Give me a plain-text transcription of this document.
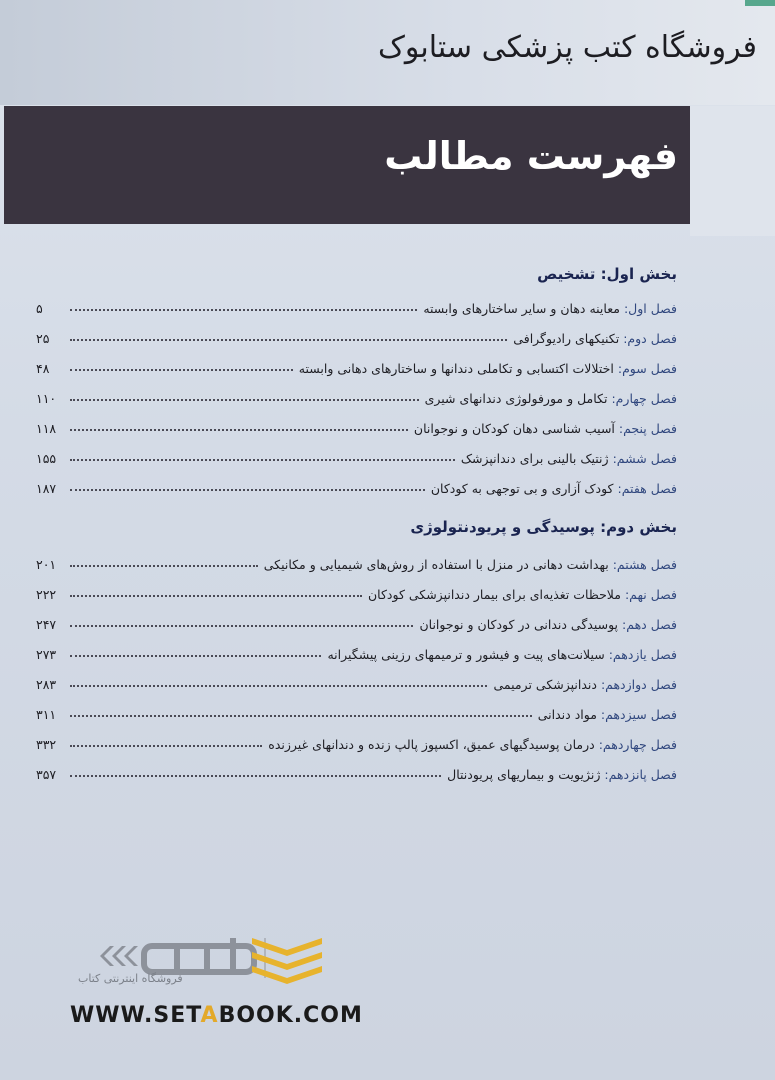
فروشگاه کتب پزشکی ستابوک
فهرست مطالب
بخش اول: تشخیص
فصل اول:
معاینه دهان و سایر ساختارهای وابسته
۵
فصل دوم:
تکنیکهای رادیوگرافی
۲۵
فصل سوم:
اختلالات اکتسابی و تکاملی دندانها و ساختارهای دهانی وابسته
۴۸
فصل چهارم:
تکامل و مورفولوژی دندانهای شیری
۱۱۰
فصل پنجم:
آسیب شناسی دهان کودکان و نوجوانان
۱۱۸
فصل ششم:
ژنتیک بالینی برای دندانپزشک
۱۵۵
فصل هفتم:
کودک آزاری و بی توجهی به کودکان
۱۸۷
بخش دوم: پوسیدگی و پریودنتولوژی
فصل هشتم:
بهداشت دهانی در منزل با استفاده از روش‌های شیمیایی و مکانیکی
۲۰۱
فصل نهم:
ملاحظات تغذیه‌ای برای بیمار دندانپزشکی کودکان
۲۲۲
فصل دهم:
پوسیدگی دندانی در کودکان و نوجوانان
۲۴۷
فصل یازدهم:
سیلانت‌های پیت و فیشور و ترمیمهای رزینی پیشگیرانه
۲۷۳
فصل دوازدهم:
دندانپزشکی ترمیمی
۲۸۳
فصل سیزدهم:
مواد دندانی
۳۱۱
فصل چهاردهم:
درمان پوسیدگیهای عمیق، اکسپوز پالپ زنده و دندانهای غیرزنده
۳۳۲
فصل پانزدهم:
ژنژیویت و بیماریهای پریودنتال
۳۵۷
فروشگاه اینترنتی کتاب
WWW.SETABOOK.COM
